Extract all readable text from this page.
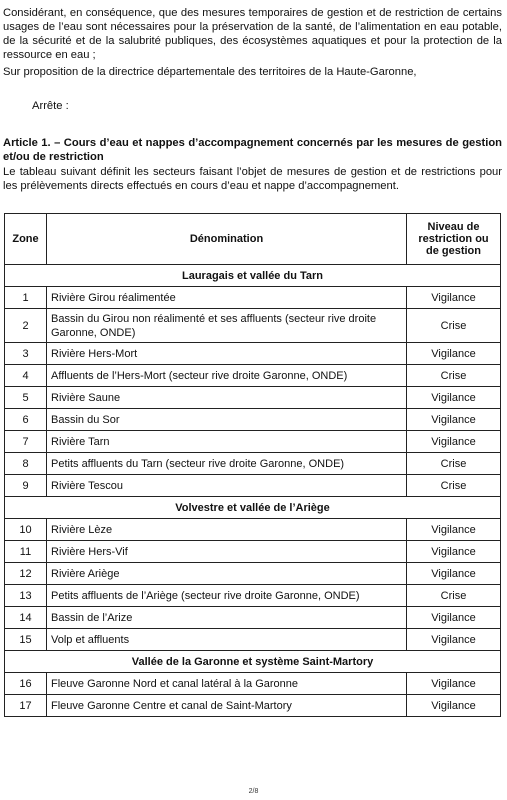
Considérant, en conséquence, que des mesures temporaires de gestion et de restriction de certains usages de l’eau sont nécessaires pour la préservation de la santé, de l’alimentation en eau potable, de la sécurité et de la salubrité publiques, des écosystèmes aquatiques et pour la protection de la ressource en eau ;

Sur proposition de la directrice départementale des territoires de la Haute-Garonne,

Arrête :

Article 1. – Cours d’eau et nappes d’accompagnement concernés par les mesures de gestion et/ou de restriction

Le tableau suivant définit les secteurs faisant l’objet de mesures de gestion et de restrictions pour les prélèvements directs effectués en cours d’eau et nappe d’accompagnement.

Zone	Dénomination	Niveau de restriction ou de gestion
Lauragais et vallée du Tarn		
1	Rivière Girou réalimentée	Vigilance
2	Bassin du Girou non réalimenté et ses affluents (secteur rive droite Garonne, ONDE)	Crise
3	Rivière Hers-Mort	Vigilance
4	Affluents de l’Hers-Mort (secteur rive droite Garonne, ONDE)	Crise
5	Rivière Saune	Vigilance
6	Bassin du Sor	Vigilance
7	Rivière Tarn	Vigilance
8	Petits affluents du Tarn (secteur rive droite Garonne, ONDE)	Crise
9	Rivière Tescou	Crise
Volvestre et vallée de l’Ariège		
10	Rivière Lèze	Vigilance
11	Rivière Hers-Vif	Vigilance
12	Rivière Ariège	Vigilance
13	Petits affluents de l’Ariège (secteur rive droite Garonne, ONDE)	Crise
14	Bassin de l’Arize	Vigilance
15	Volp et affluents	Vigilance
Vallée de la Garonne et système Saint-Martory		
16	Fleuve Garonne Nord et canal latéral à la Garonne	Vigilance
17	Fleuve Garonne Centre et canal de Saint-Martory	Vigilance
2/8
